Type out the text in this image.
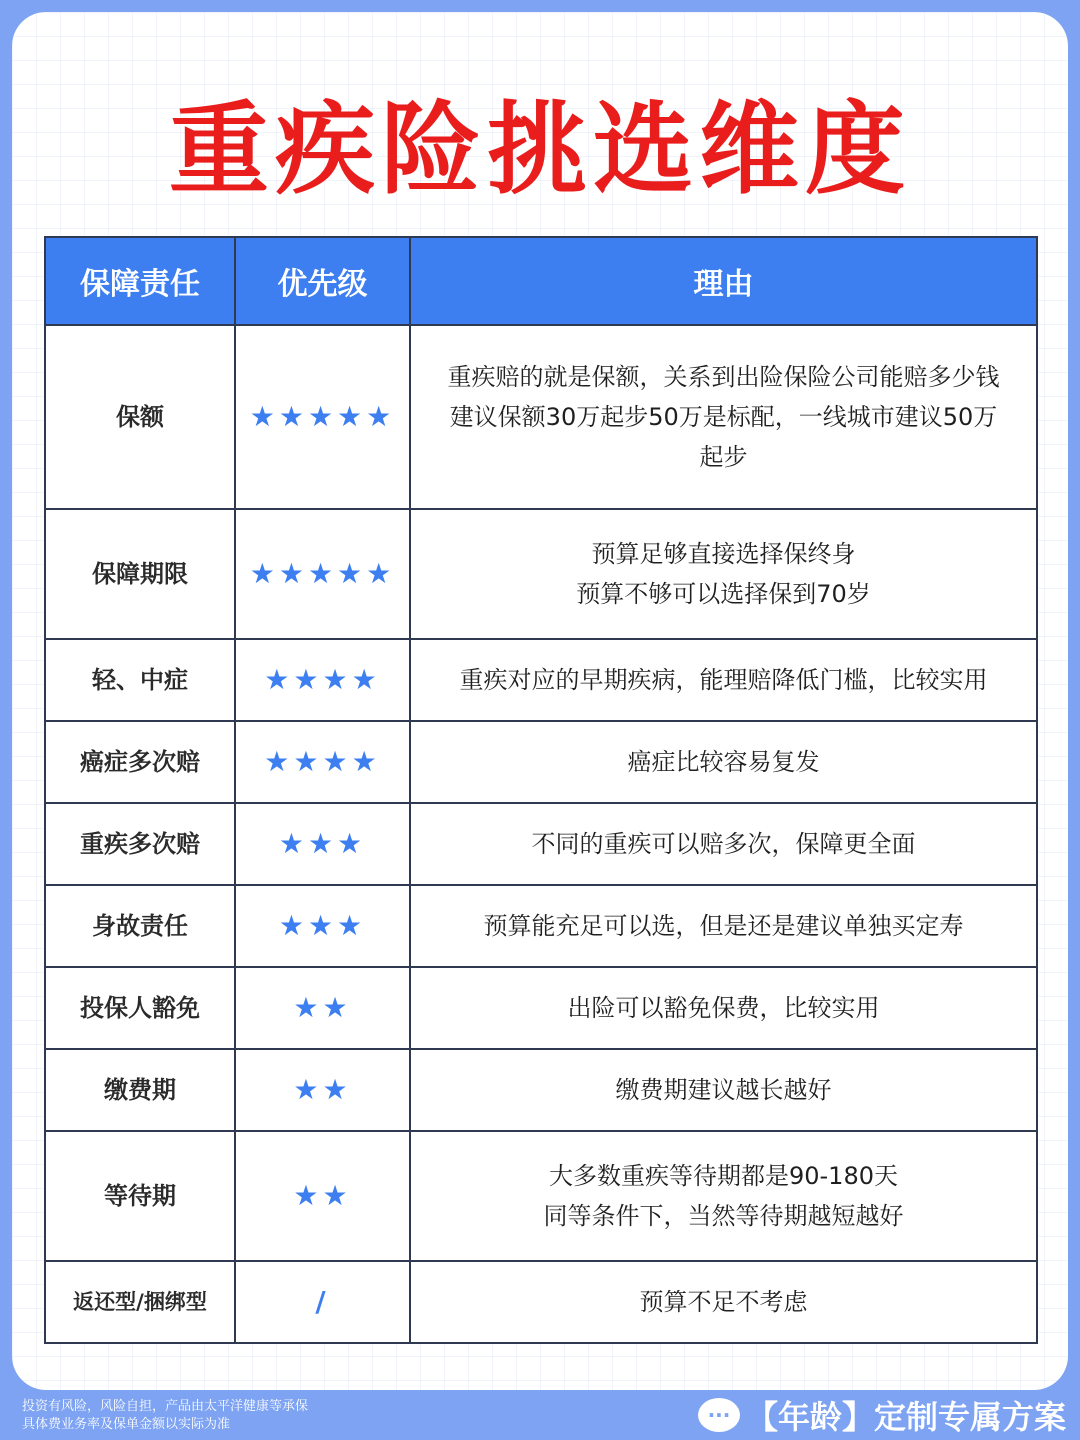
重疾险挑选维度
保障责任	优先级	理由
保额	★★★★★	重疾赔的就是保额，关系到出险保险公司能赔多少钱
建议保额30万起步50万是标配，一线城市建议50万
起步

保障期限	★★★★★	预算足够直接选择保终身
预算不够可以选择保到70岁

轻、中症	★★★★	重疾对应的早期疾病，能理赔降低门槛，比较实用

癌症多次赔	★★★★	癌症比较容易复发

重疾多次赔	★★★	不同的重疾可以赔多次，保障更全面

身故责任	★★★	预算能充足可以选，但是还是建议单独买定寿

投保人豁免	★★	出险可以豁免保费，比较实用

缴费期	★★	缴费期建议越长越好

等待期	★★	大多数重疾等待期都是90-180天
同等条件下，当然等待期越短越好

返还型/捆绑型	/	预算不足不考虑
投资有风险，风险自担，产品由太平洋健康等承保
具体费业务率及保单金额以实际为准	··· 【年龄】定制专属方案
